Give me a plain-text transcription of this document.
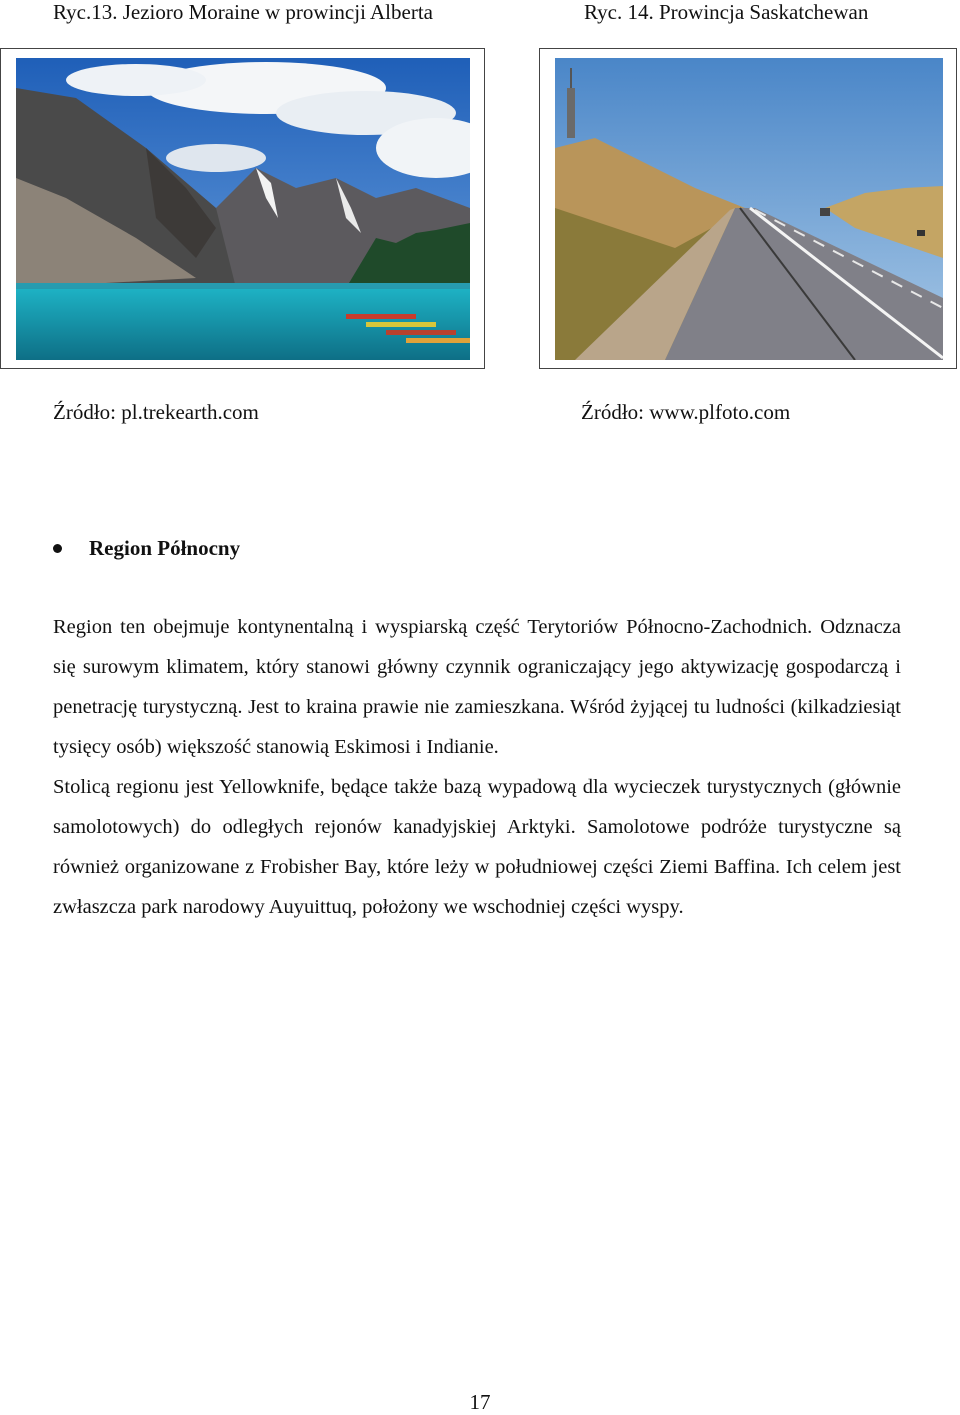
Ryc.13. Jezioro Moraine w prowincji Alberta	Ryc. 14. Prowincja Saskatchewan
Źródło: pl.trekearth.com	Źródło: www.plfoto.com
Region Północny

Region ten obejmuje kontynentalną i wyspiarską część Terytoriów Północno-Zachodnich. Odznacza się surowym klimatem, który stanowi główny czynnik ograniczający jego aktywizację gospodarczą i penetrację turystyczną. Jest to kraina prawie nie zamieszkana. Wśród żyjącej tu ludności (kilkadziesiąt tysięcy osób) większość stanowią Eskimosi i Indianie.

Stolicą regionu jest Yellowknife, będące także bazą wypadową dla wycieczek turystycznych (głównie samolotowych) do odległych rejonów kanadyjskiej Arktyki. Samolotowe podróże turystyczne są również organizowane z Frobisher Bay, które leży w południowej części Ziemi Baffina. Ich celem jest zwłaszcza park narodowy Auyuittuq, położony we wschodniej części wyspy.

17
